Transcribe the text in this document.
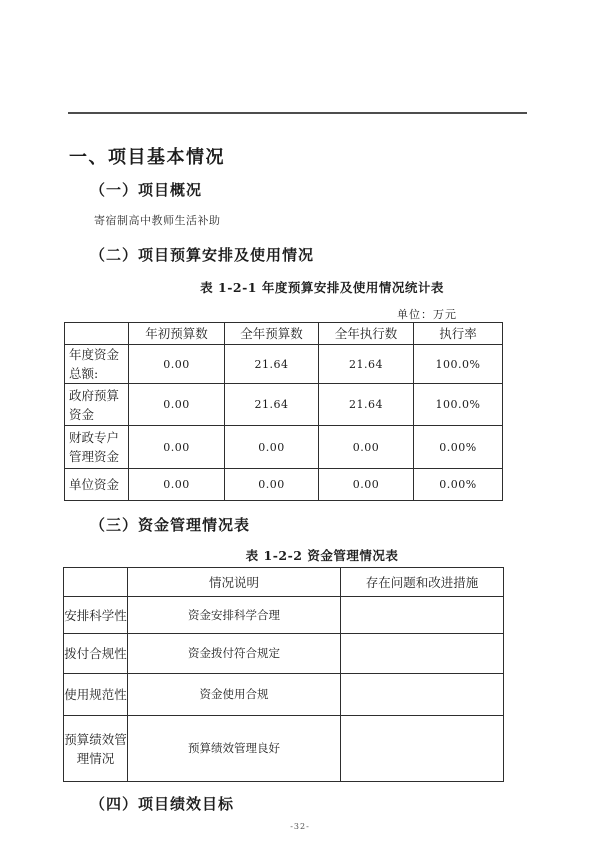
一、项目基本情况
（一）项目概况
寄宿制高中教师生活补助
（二）项目预算安排及使用情况
表 1-2-1 年度预算安排及使用情况统计表
单位：万元
	年初预算数	全年预算数	全年执行数	执行率
年度资金总额:	0.00	21.64	21.64	100.0%
政府预算资金	0.00	21.64	21.64	100.0%
财政专户管理资金	0.00	0.00	0.00	0.00%
单位资金	0.00	0.00	0.00	0.00%
（三）资金管理情况表
表 1-2-2 资金管理情况表
	情况说明	存在问题和改进措施
安排科学性	资金安排科学合理	
拨付合规性	资金拨付符合规定	
使用规范性	资金使用合规	
预算绩效管理情况	预算绩效管理良好	
（四）项目绩效目标
-32-
